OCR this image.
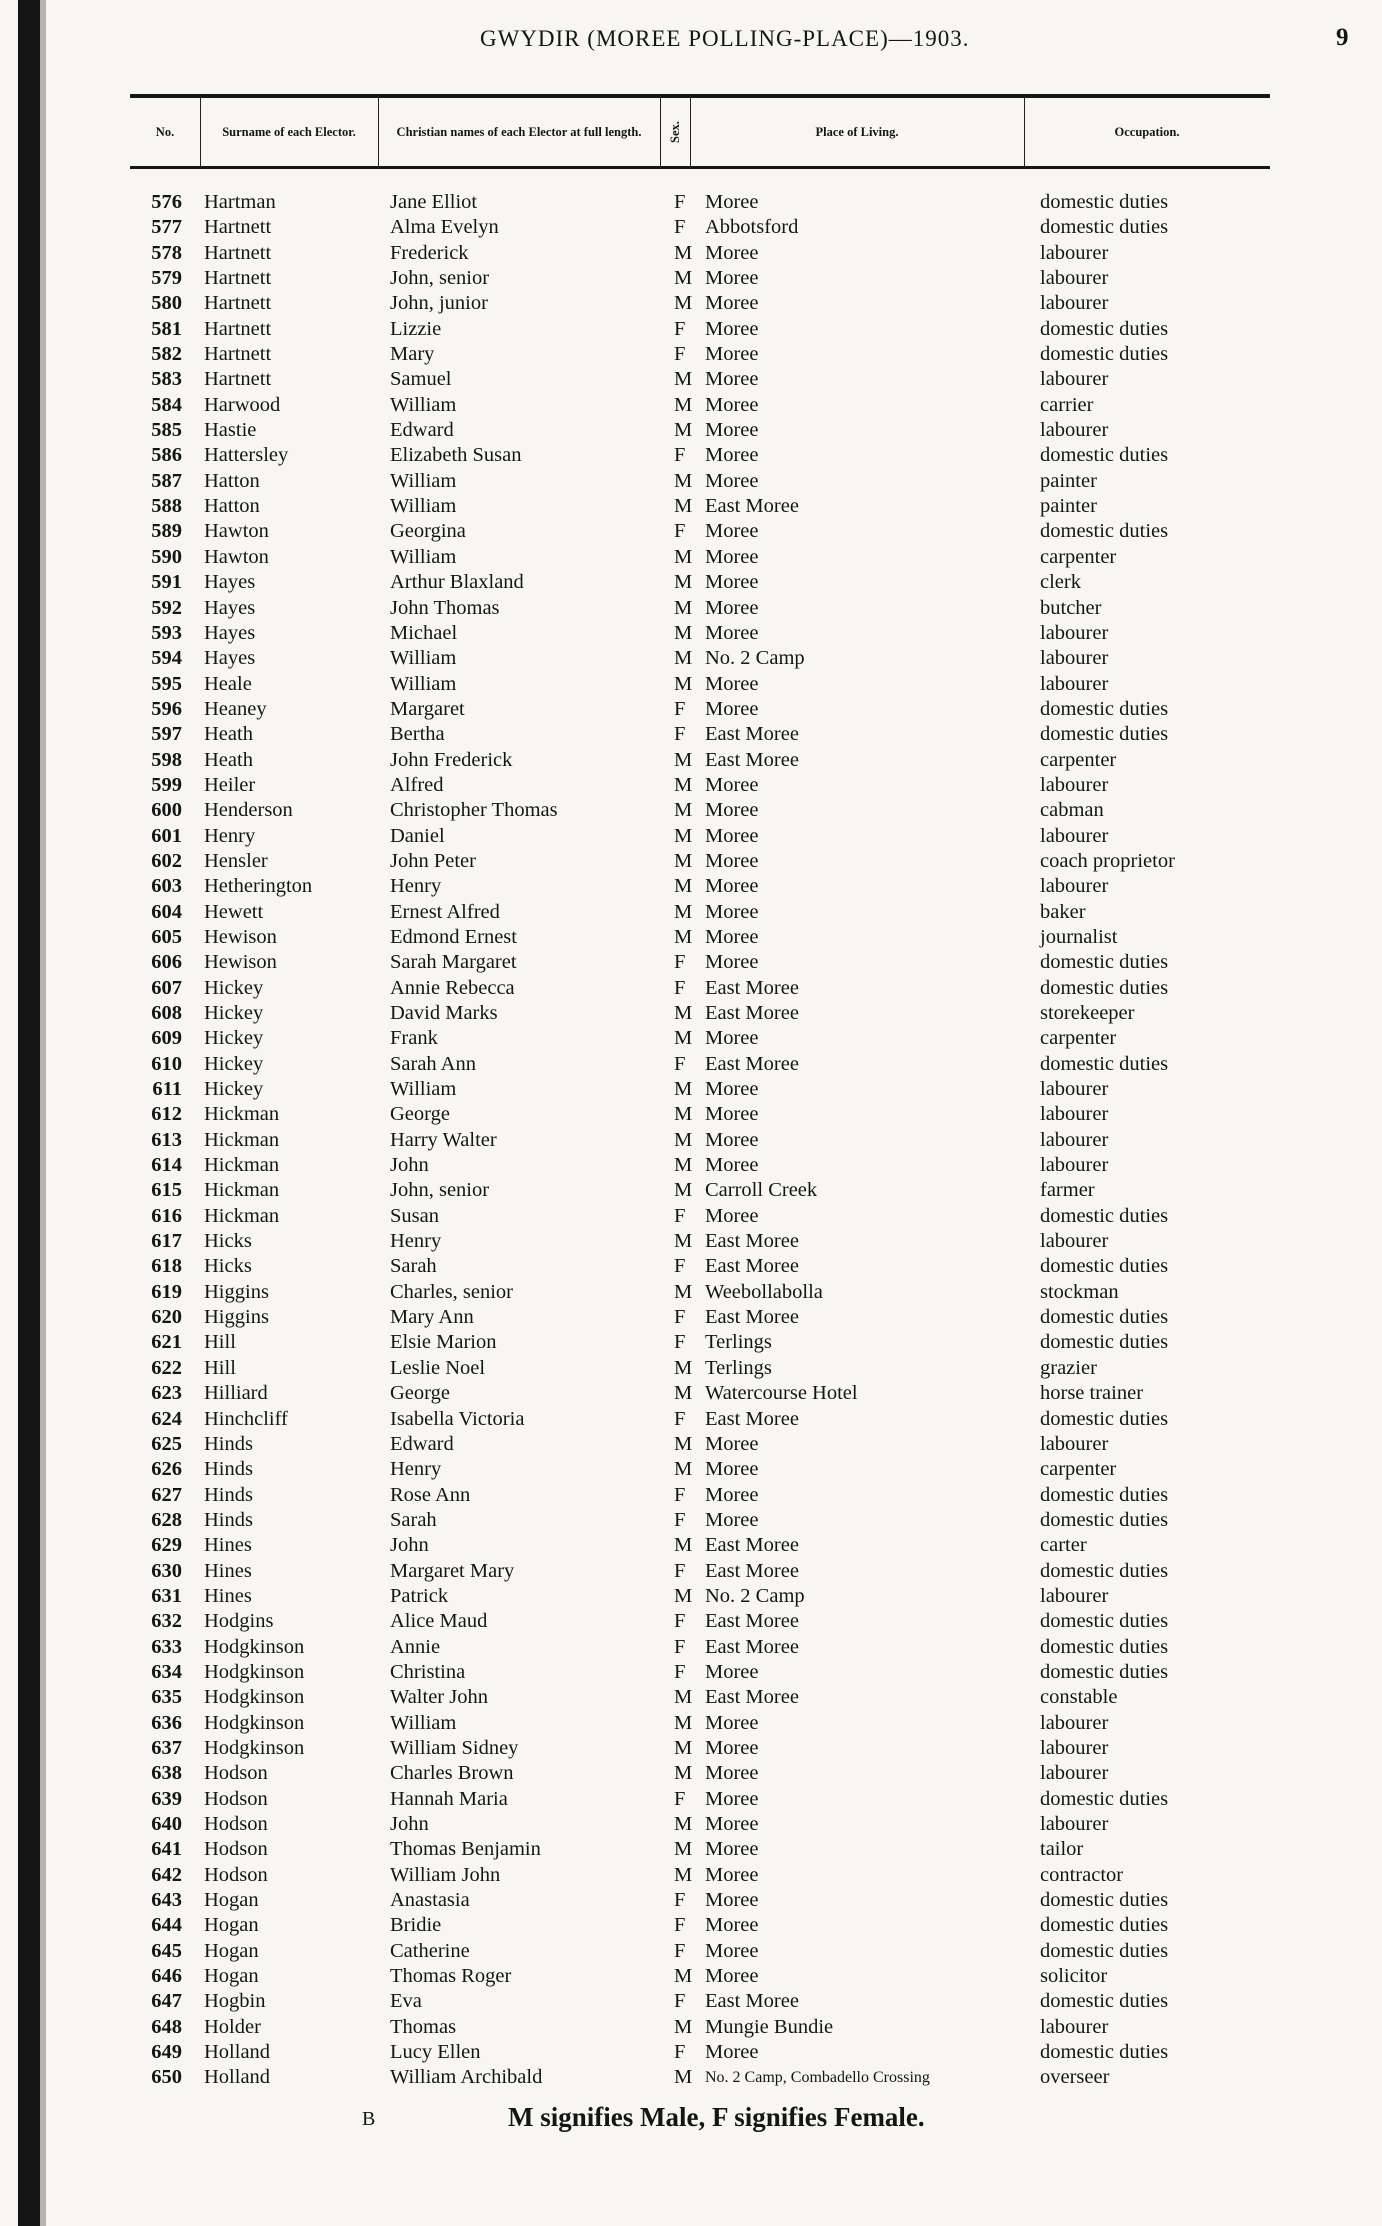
GWYDIR (MOREE POLLING-PLACE)—1903.	9
No.	Surname of each Elector.	Christian names of each Elector at full length. Sex.	Place of Living.	Occupation.
576 Hartman	Jane Elliot	F Moree	domestic duties
577 Hartnett	Alma Evelyn	F Abbotsford	domestic duties
578 Hartnett	Frederick	M Moree	labourer
579 Hartnett	John, senior	M Moree	labourer
580 Hartnett	John, junior	M Moree	labourer
581 Hartnett	Lizzie	F Moree	domestic duties
582 Hartnett	Mary	F Moree	domestic duties
583 Hartnett	Samuel	M Moree	labourer
584 Harwood	William	M Moree	carrier
585 Hastie	Edward	M Moree	labourer
586 Hattersley	Elizabeth Susan	F Moree	domestic duties
587 Hatton	William	M Moree	painter
588 Hatton	William	M East Moree	painter
589 Hawton	Georgina	F Moree	domestic duties
590 Hawton	William	M Moree	carpenter
591 Hayes	Arthur Blaxland	M Moree	clerk
592 Hayes	John Thomas	M Moree	butcher
593 Hayes	Michael	M Moree	labourer
594 Hayes	William	M No. 2 Camp	labourer
595 Heale	William	M Moree	labourer
596 Heaney	Margaret	F Moree	domestic duties
597 Heath	Bertha	F East Moree	domestic duties
598 Heath	John Frederick	M East Moree	carpenter
599 Heiler	Alfred	M Moree	labourer
600 Henderson	Christopher Thomas	M Moree	cabman
601 Henry	Daniel	M Moree	labourer
602 Hensler	John Peter	M Moree	coach proprietor
603 Hetherington	Henry	M Moree	labourer
604 Hewett	Ernest Alfred	M Moree	baker
605 Hewison	Edmond Ernest	M Moree	journalist
606 Hewison	Sarah Margaret	F Moree	domestic duties
607 Hickey	Annie Rebecca	F East Moree	domestic duties
608 Hickey	David Marks	M East Moree	storekeeper
609 Hickey	Frank	M Moree	carpenter
610 Hickey	Sarah Ann	F East Moree	domestic duties
611 Hickey	William	M Moree	labourer
612 Hickman	George	M Moree	labourer
613 Hickman	Harry Walter	M Moree	labourer
614 Hickman	John	M Moree	labourer
615 Hickman	John, senior	M Carroll Creek	farmer
616 Hickman	Susan	F Moree	domestic duties
617 Hicks	Henry	M East Moree	labourer
618 Hicks	Sarah	F East Moree	domestic duties
619 Higgins	Charles, senior	M Weebollabolla	stockman
620 Higgins	Mary Ann	F East Moree	domestic duties
621 Hill	Elsie Marion	F Terlings	domestic duties
622 Hill	Leslie Noel	M Terlings	grazier
623 Hilliard	George	M Watercourse Hotel	horse trainer
624 Hinchcliff	Isabella Victoria	F East Moree	domestic duties
625 Hinds	Edward	M Moree	labourer
626 Hinds	Henry	M Moree	carpenter
627 Hinds	Rose Ann	F Moree	domestic duties
628 Hinds	Sarah	F Moree	domestic duties
629 Hines	John	M East Moree	carter
630 Hines	Margaret Mary	F East Moree	domestic duties
631 Hines	Patrick	M No. 2 Camp	labourer
632 Hodgins	Alice Maud	F East Moree	domestic duties
633 Hodgkinson	Annie	F East Moree	domestic duties
634 Hodgkinson	Christina	F Moree	domestic duties
635 Hodgkinson	Walter John	M East Moree	constable
636 Hodgkinson	William	M Moree	labourer
637 Hodgkinson	William Sidney	M Moree	labourer
638 Hodson	Charles Brown	M Moree	labourer
639 Hodson	Hannah Maria	F Moree	domestic duties
640 Hodson	John	M Moree	labourer
641 Hodson	Thomas Benjamin	M Moree	tailor
642 Hodson	William John	M Moree	contractor
643 Hogan	Anastasia	F Moree	domestic duties
644 Hogan	Bridie	F Moree	domestic duties
645 Hogan	Catherine	F Moree	domestic duties
646 Hogan	Thomas Roger	M Moree	solicitor
647 Hogbin	Eva	F East Moree	domestic duties
648 Holder	Thomas	M Mungie Bundie	labourer
649 Holland	Lucy Ellen	F Moree	domestic duties
650 Holland	William Archibald	M No. 2 Camp, Combadello Crossing	overseer
B	M signifies Male, F signifies Female.
